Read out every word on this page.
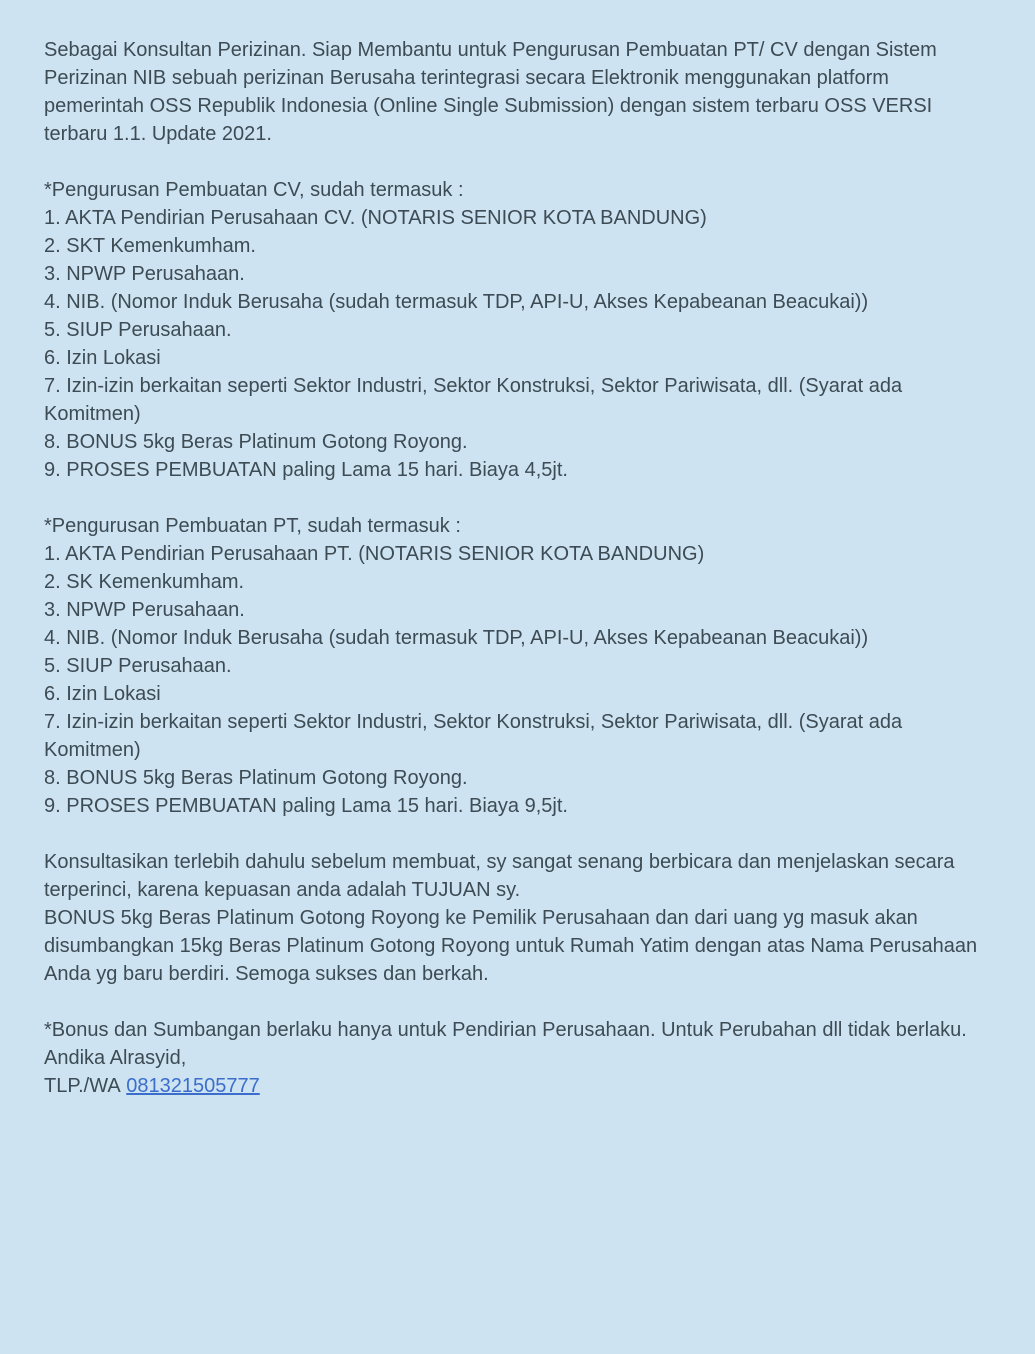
Sebagai Konsultan Perizinan. Siap Membantu untuk Pengurusan Pembuatan PT/ CV dengan Sistem Perizinan NIB sebuah perizinan Berusaha terintegrasi secara Elektronik menggunakan platform pemerintah OSS Republik Indonesia (Online Single Submission) dengan sistem terbaru OSS VERSI terbaru 1.1. Update 2021.

*Pengurusan Pembuatan CV, sudah termasuk :
1. AKTA Pendirian Perusahaan CV. (NOTARIS SENIOR KOTA BANDUNG)
2. SKT Kemenkumham.
3. NPWP Perusahaan.
4. NIB. (Nomor Induk Berusaha (sudah termasuk TDP, API-U, Akses Kepabeanan Beacukai))
5. SIUP Perusahaan.
6. Izin Lokasi
7. Izin-izin berkaitan seperti Sektor Industri, Sektor Konstruksi, Sektor Pariwisata, dll. (Syarat ada Komitmen)
8. BONUS 5kg Beras Platinum Gotong Royong.
9. PROSES PEMBUATAN paling Lama 15 hari. Biaya 4,5jt.
*Pengurusan Pembuatan PT, sudah termasuk :
1. AKTA Pendirian Perusahaan PT. (NOTARIS SENIOR KOTA BANDUNG)
2. SK Kemenkumham.
3. NPWP Perusahaan.
4. NIB. (Nomor Induk Berusaha (sudah termasuk TDP, API-U, Akses Kepabeanan Beacukai))
5. SIUP Perusahaan.
6. Izin Lokasi
7. Izin-izin berkaitan seperti Sektor Industri, Sektor Konstruksi, Sektor Pariwisata, dll. (Syarat ada Komitmen)
8. BONUS 5kg Beras Platinum Gotong Royong.
9. PROSES PEMBUATAN paling Lama 15 hari. Biaya 9,5jt.
Konsultasikan terlebih dahulu sebelum membuat, sy sangat senang berbicara dan menjelaskan secara terperinci, karena kepuasan anda adalah TUJUAN sy.
BONUS 5kg Beras Platinum Gotong Royong ke Pemilik Perusahaan dan dari uang yg masuk akan disumbangkan 15kg Beras Platinum Gotong Royong untuk Rumah Yatim dengan atas Nama Perusahaan Anda yg baru berdiri. Semoga sukses dan berkah.
*Bonus dan Sumbangan berlaku hanya untuk Pendirian Perusahaan. Untuk Perubahan dll tidak berlaku.
Andika Alrasyid,
TLP./WA 081321505777
